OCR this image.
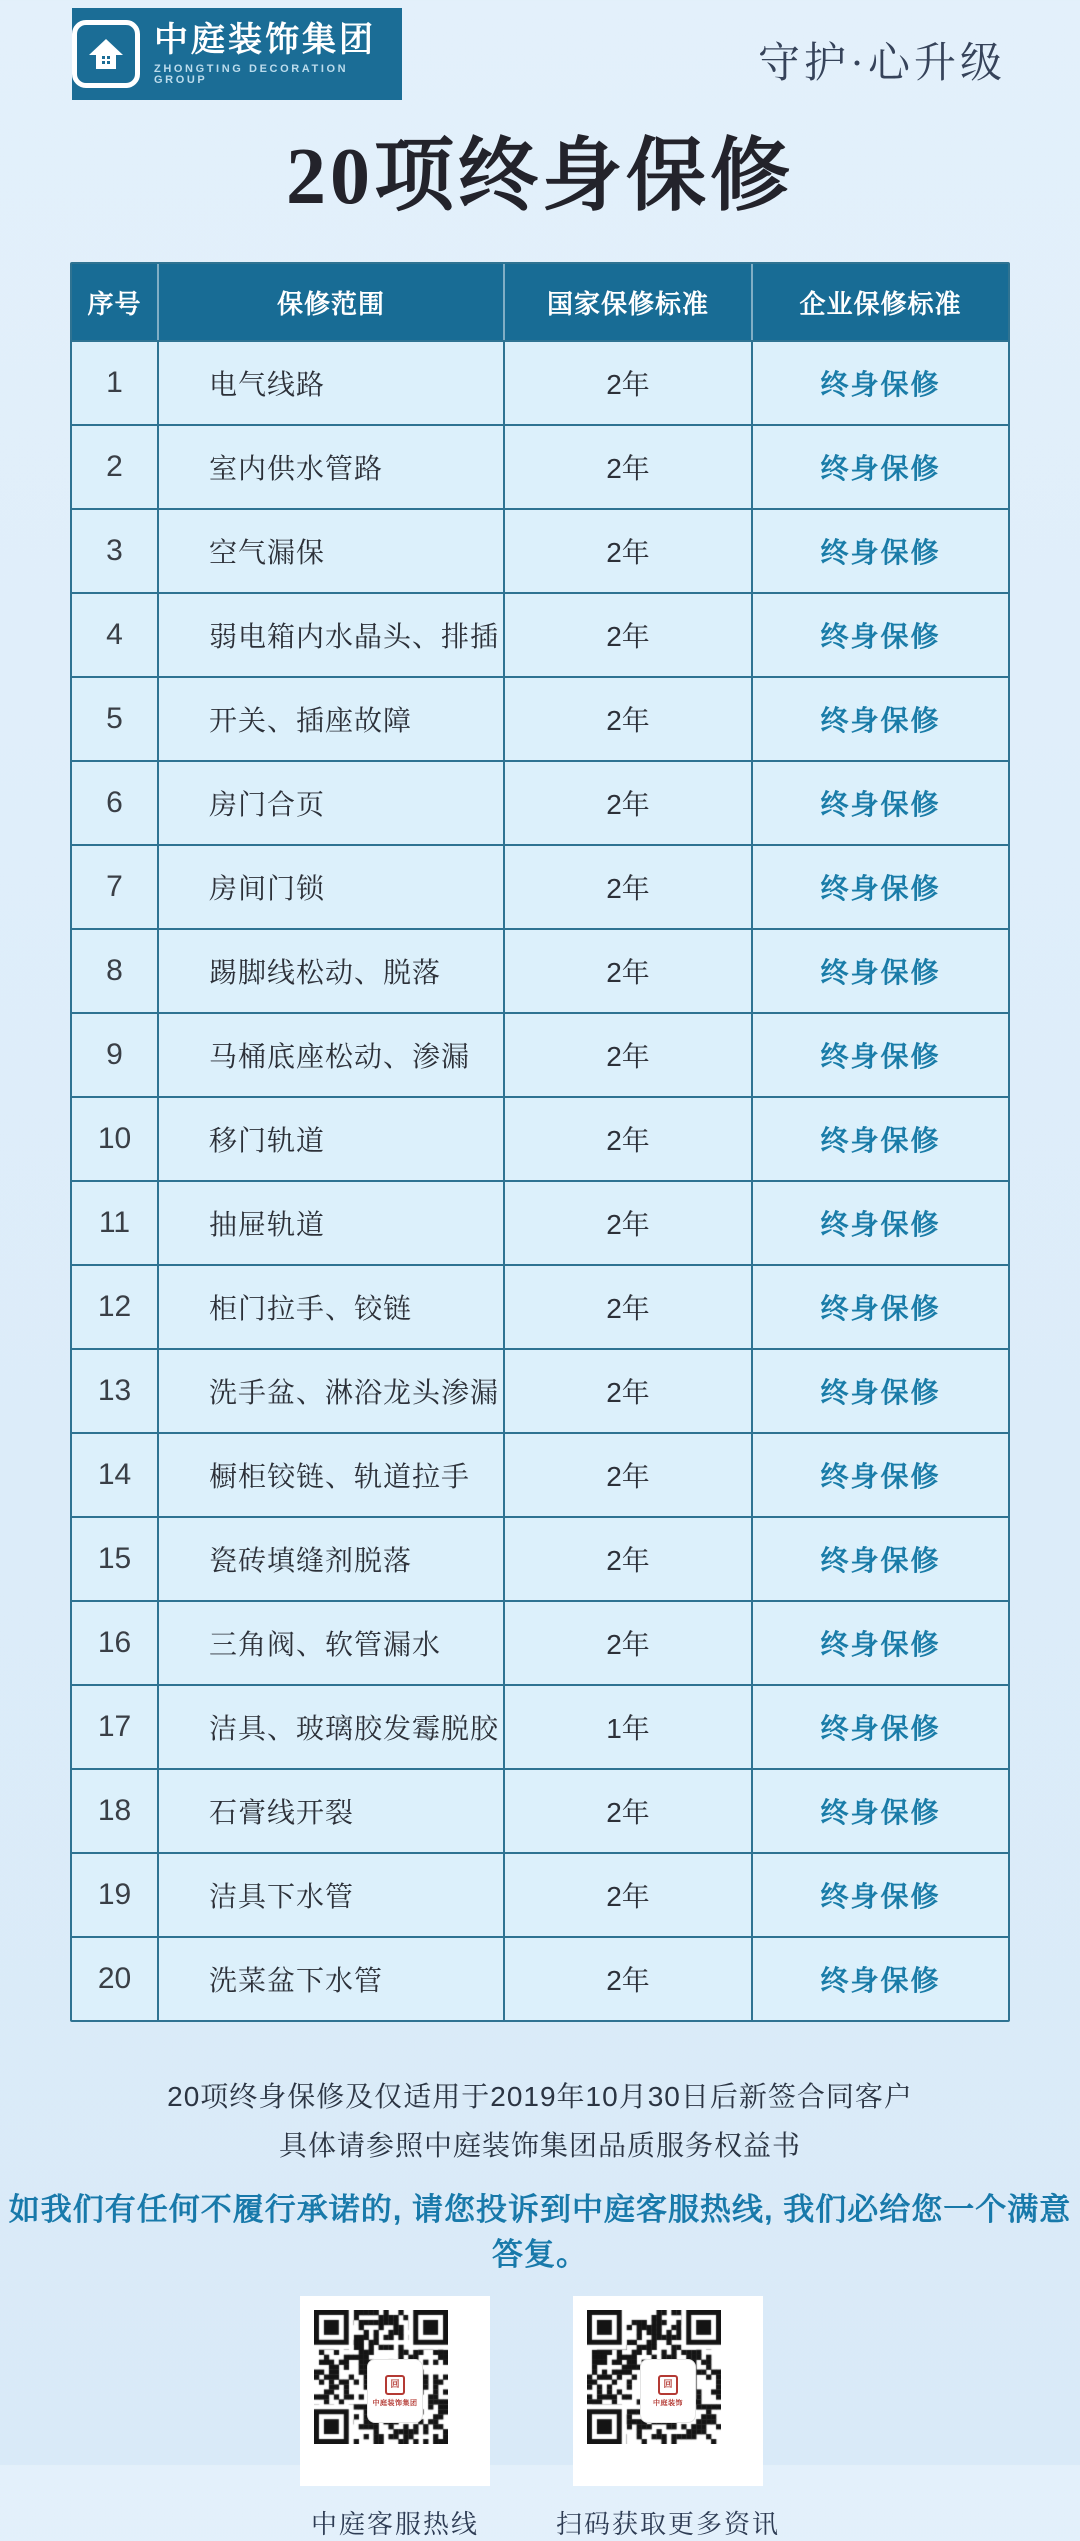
中庭装饰集团
ZHONGTING DECORATION GROUP	守护·心升级
20项终身保修
序号	保修范围	国家保修标准	企业保修标准
1	电气线路	2年	终身保修
2	室内供水管路	2年	终身保修
3	空气漏保	2年	终身保修
4	弱电箱内水晶头、排插	2年	终身保修
5	开关、插座故障	2年	终身保修
6	房门合页	2年	终身保修
7	房间门锁	2年	终身保修
8	踢脚线松动、脱落	2年	终身保修
9	马桶底座松动、渗漏	2年	终身保修
10	移门轨道	2年	终身保修
11	抽屉轨道	2年	终身保修
12	柜门拉手、铰链	2年	终身保修
13	洗手盆、淋浴龙头渗漏	2年	终身保修
14	橱柜铰链、轨道拉手	2年	终身保修
15	瓷砖填缝剂脱落	2年	终身保修
16	三角阀、软管漏水	2年	终身保修
17	洁具、玻璃胶发霉脱胶	1年	终身保修
18	石膏线开裂	2年	终身保修
19	洁具下水管	2年	终身保修
20	洗菜盆下水管	2年	终身保修
20项终身保修及仅适用于2019年10月30日后新签合同客户
具体请参照中庭装饰集团品质服务权益书
如我们有任何不履行承诺的, 请您投诉到中庭客服热线, 我们必给您一个满意答复。
回
中庭装饰集团
中庭客服热线
回
中庭装饰
扫码获取更多资讯
